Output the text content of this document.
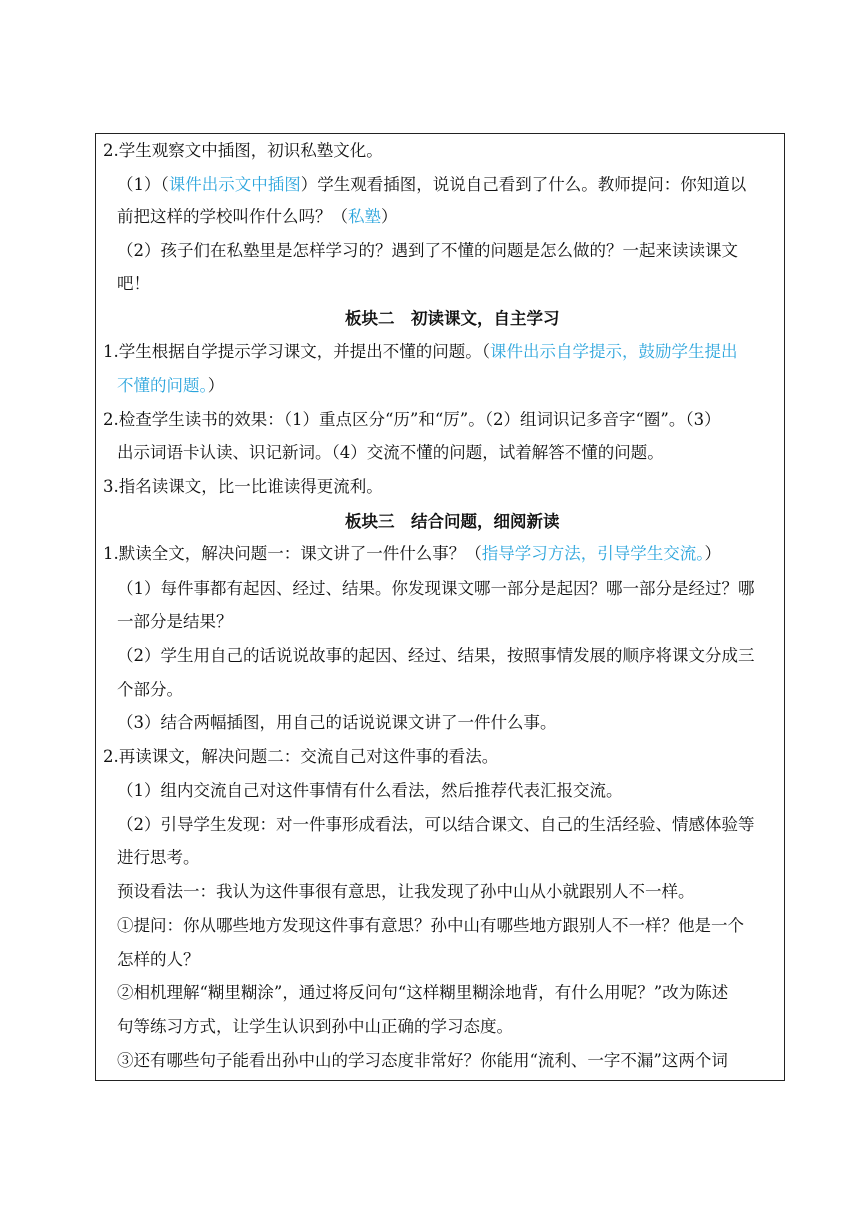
2.学生观察文中插图，初识私塾文化。
（1）（课件出示文中插图）学生观看插图，说说自己看到了什么。教师提问：你知道以
前把这样的学校叫作什么吗？（私塾）
（2）孩子们在私塾里是怎样学习的？遇到了不懂的问题是怎么做的？一起来读读课文
吧！
板块二　初读课文，自主学习
1.学生根据自学提示学习课文，并提出不懂的问题。（课件出示自学提示，鼓励学生提出
不懂的问题。）
2.检查学生读书的效果：（1）重点区分“历”和“厉”。（2）组词识记多音字“圈”。（3）
出示词语卡认读、识记新词。（4）交流不懂的问题，试着解答不懂的问题。
3.指名读课文，比一比谁读得更流利。
板块三　结合问题，细阅新读
1.默读全文，解决问题一：课文讲了一件什么事？（指导学习方法，引导学生交流。）
（1）每件事都有起因、经过、结果。你发现课文哪一部分是起因？哪一部分是经过？哪
一部分是结果？
（2）学生用自己的话说说故事的起因、经过、结果，按照事情发展的顺序将课文分成三
个部分。
（3）结合两幅插图，用自己的话说说课文讲了一件什么事。
2.再读课文，解决问题二：交流自己对这件事的看法。
（1）组内交流自己对这件事情有什么看法，然后推荐代表汇报交流。
（2）引导学生发现：对一件事形成看法，可以结合课文、自己的生活经验、情感体验等
进行思考。
预设看法一：我认为这件事很有意思，让我发现了孙中山从小就跟别人不一样。
①提问：你从哪些地方发现这件事有意思？孙中山有哪些地方跟别人不一样？他是一个
怎样的人？
②相机理解“糊里糊涂”，通过将反问句“这样糊里糊涂地背，有什么用呢？”改为陈述
句等练习方式，让学生认识到孙中山正确的学习态度。
③还有哪些句子能看出孙中山的学习态度非常好？你能用“流利、一字不漏”这两个词
